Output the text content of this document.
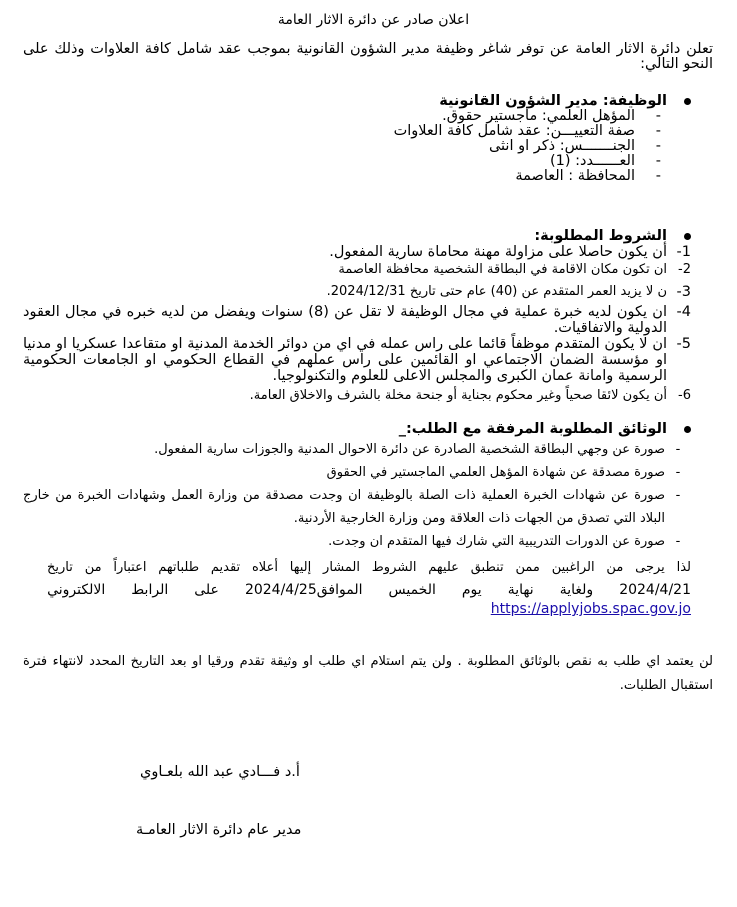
اعلان صادر عن دائرة الاثار العامة
تعلن دائرة الاثار العامة عن توفر شاغر وظيفة مدير الشؤون القانونية بموجب عقد شامل كافة العلاوات وذلك على النحو التالي:
الوظيفة: مدير الشؤون القانونية
-المؤهل العلمي: ماجستير حقوق.
-صفة التعييـــن: عقد شامل كافة العلاوات
-الجنـــــــس: ذكر او انثى
-العــــــدد: (1)
-المحافظة : العاصمة
الشروط المطلوبة:
1-
أن يكون حاصلا على مزاولة مهنة محاماة سارية المفعول.
2-
ان تكون مكان الاقامة في البطاقة الشخصية محافظة العاصمة
3-
ن لا يزيد العمر المتقدم عن (40) عام حتى تاريخ 2024/12/31.
4-
ان يكون لديه خبرة عملية في مجال الوظيفة لا تقل عن (8) سنوات ويفضل من لديه خبره في مجال العقود الدولية والاتفاقيات.
5-
ان لا يكون المتقدم موظفاً قائما على راس عمله في اي من دوائر الخدمة المدنية او متقاعدا عسكريا او مدنيا او مؤسسة الضمان الاجتماعي او القائمين على راس عملهم في القطاع الحكومي او الجامعات الحكومية الرسمية وامانة عمان الكبرى والمجلس الاعلى للعلوم والتكنولوجيا.
6-
أن يكون لائقا صحياً وغير محكوم بجناية أو جنحة مخلة بالشرف والاخلاق العامة.
الوثائق المطلوبة المرفقة مع الطلب:_
-
صورة عن وجهي البطاقة الشخصية الصادرة عن دائرة الاحوال المدنية والجوزات سارية المفعول.
-
صورة مصدقة عن شهادة المؤهل العلمي الماجستير في الحقوق
-
صورة عن شهادات الخبرة العملية ذات الصلة بالوظيفة ان وجدت مصدقة من وزارة العمل وشهادات الخبرة من خارج البلاد التي تصدق من الجهات ذات العلاقة ومن وزارة الخارجية الأردنية.
-
صورة عن الدورات التدريبية التي شارك فيها المتقدم ان وجدت.
لذا يرجى من الراغبين ممن تنطبق عليهم الشروط المشار إليها أعلاه تقديم طلباتهم اعتباراً من تاريخ
2024/4/21
ولغاية
نهاية
يوم
الخميس
الموافق2024/4/25
على
الرابط
الالكتروني
https://applyjobs.spac.gov.jo
لن يعتمد اي طلب به نقص بالوثائق المطلوبة . ولن يتم استلام اي طلب او وثيقة تقدم ورقيا او بعد التاريخ المحدد لانتهاء فترة استقبال الطلبات.
أ.د فـــادي عبد الله بلعـاوي
مدير عام دائرة الاثار العامـة
